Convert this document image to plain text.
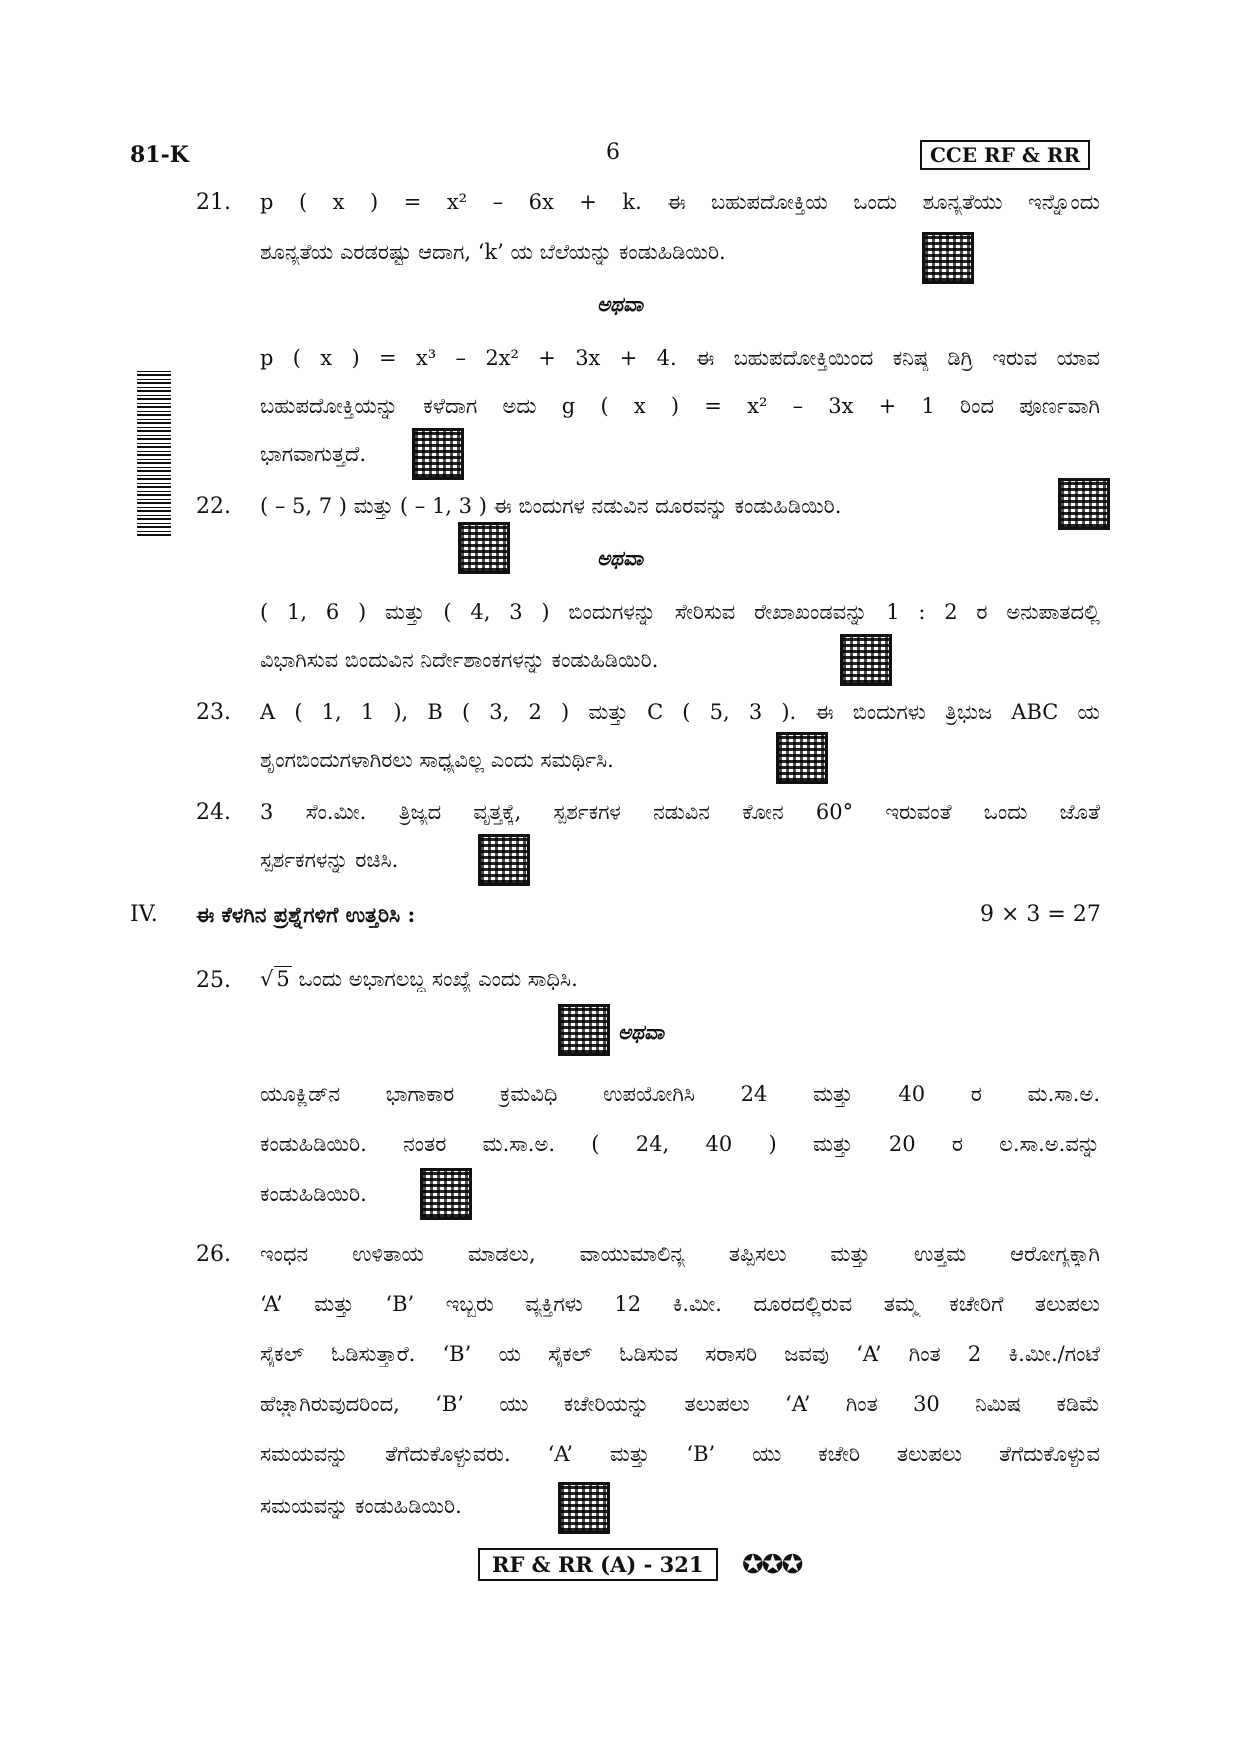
81-K	6	CCE RF & RR
21. p ( x ) = x² – 6x + k. ಈ ಬಹುಪದೋಕ್ತಿಯ ಒಂದು ಶೂನ್ಯತೆಯು ಇನ್ನೊಂದು
ಶೂನ್ಯತೆಯ ಎರಡರಷ್ಟು ಆದಾಗ, ‘k’ ಯ ಬೆಲೆಯನ್ನು ಕಂಡುಹಿಡಿಯಿರಿ.
ಅಥವಾ
p ( x ) = x³ – 2x² + 3x + 4. ಈ ಬಹುಪದೋಕ್ತಿಯಿಂದ ಕನಿಷ್ಠ ಡಿಗ್ರಿ ಇರುವ ಯಾವ
ಬಹುಪದೋಕ್ತಿಯನ್ನು ಕಳೆದಾಗ ಅದು g ( x ) = x² – 3x + 1 ರಿಂದ ಪೂರ್ಣವಾಗಿ
ಭಾಗವಾಗುತ್ತದೆ.
22. ( – 5, 7 ) ಮತ್ತು ( – 1, 3 ) ಈ ಬಿಂದುಗಳ ನಡುವಿನ ದೂರವನ್ನು ಕಂಡುಹಿಡಿಯಿರಿ.
ಅಥವಾ
( 1, 6 ) ಮತ್ತು ( 4, 3 ) ಬಿಂದುಗಳನ್ನು ಸೇರಿಸುವ ರೇಖಾಖಂಡವನ್ನು 1 : 2 ರ ಅನುಪಾತದಲ್ಲಿ
ವಿಭಾಗಿಸುವ ಬಿಂದುವಿನ ನಿರ್ದೇಶಾಂಕಗಳನ್ನು ಕಂಡುಹಿಡಿಯಿರಿ.
23. A ( 1, 1 ), B ( 3, 2 ) ಮತ್ತು C ( 5, 3 ). ಈ ಬಿಂದುಗಳು ತ್ರಿಭುಜ ABC ಯ
ಶೃಂಗಬಿಂದುಗಳಾಗಿರಲು ಸಾಧ್ಯವಿಲ್ಲ ಎಂದು ಸಮರ್ಥಿಸಿ.
24. 3 ಸೆಂ.ಮೀ. ತ್ರಿಜ್ಯದ ವೃತ್ತಕ್ಕೆ, ಸ್ಪರ್ಶಕಗಳ ನಡುವಿನ ಕೋನ 60° ಇರುವಂತೆ ಒಂದು ಜೊತೆ
ಸ್ಪರ್ಶಕಗಳನ್ನು ರಚಿಸಿ.
IV. ಈ ಕೆಳಗಿನ ಪ್ರಶ್ನೆಗಳಿಗೆ ಉತ್ತರಿಸಿ :	9 × 3 = 27
25. √ 5 ಒಂದು ಅಭಾಗಲಬ್ಧ ಸಂಖ್ಯೆ ಎಂದು ಸಾಧಿಸಿ.
ಅಥವಾ
ಯೂಕ್ಲಿಡ್‌ನ ಭಾಗಾಕಾರ ಕ್ರಮವಿಧಿ ಉಪಯೋಗಿಸಿ 24 ಮತ್ತು 40 ರ ಮ.ಸಾ.ಅ.
ಕಂಡುಹಿಡಿಯಿರಿ. ನಂತರ ಮ.ಸಾ.ಅ. ( 24, 40 ) ಮತ್ತು 20 ರ ಲ.ಸಾ.ಅ.ವನ್ನು
ಕಂಡುಹಿಡಿಯಿರಿ.
26. ಇಂಧನ ಉಳಿತಾಯ ಮಾಡಲು, ವಾಯುಮಾಲಿನ್ಯ ತಪ್ಪಿಸಲು ಮತ್ತು ಉತ್ತಮ ಆರೋಗ್ಯಕ್ಕಾಗಿ
‘A’ ಮತ್ತು ‘B’ ಇಬ್ಬರು ವ್ಯಕ್ತಿಗಳು 12 ಕಿ.ಮೀ. ದೂರದಲ್ಲಿರುವ ತಮ್ಮ ಕಚೇರಿಗೆ ತಲುಪಲು
ಸೈಕಲ್ ಓಡಿಸುತ್ತಾರೆ. ‘B’ ಯ ಸೈಕಲ್ ಓಡಿಸುವ ಸರಾಸರಿ ಜವವು ‘A’ ಗಿಂತ 2 ಕಿ.ಮೀ./ಗಂಟೆ
ಹೆಚ್ಚಾಗಿರುವುದರಿಂದ, ‘B’ ಯು ಕಚೇರಿಯನ್ನು ತಲುಪಲು ‘A’ ಗಿಂತ 30 ನಿಮಿಷ ಕಡಿಮೆ
ಸಮಯವನ್ನು ತೆಗೆದುಕೊಳ್ಳುವರು. ‘A’ ಮತ್ತು ‘B’ ಯು ಕಚೇರಿ ತಲುಪಲು ತೆಗೆದುಕೊಳ್ಳುವ
ಸಮಯವನ್ನು ಕಂಡುಹಿಡಿಯಿರಿ.
RF & RR (A) - 321	✪✪✪
